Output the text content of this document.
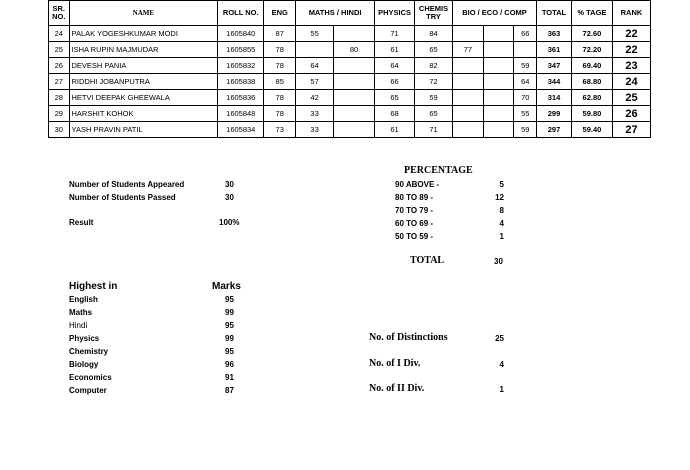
SR. NO.	NAME	ROLL NO.	ENG	MATHS / HINDI		PHYSICS	CHEMIS TRY	BIO / ECO / COMP			TOTAL	% TAGE	RANK
24	PALAK YOGESHKUMAR MODI	1605840	87	55		71	84			66	363	72.60	22
25	ISHA RUPIN MAJMUDAR	1605855	78		80	61	65	77			361	72.20	22
26	DEVESH PANIA	1605832	78	64		64	82			59	347	69.40	23
27	RIDDHI JOBANPUTRA	1605838	85	57		66	72			64	344	68.80	24
28	HETVI DEEPAK GHEEWALA	1605836	78	42		65	59			70	314	62.80	25
29	HARSHIT KOHOK	1605848	78	33		68	65			55	299	59.80	26
30	YASH PRAVIN PATIL	1605834	73	33		61	71			59	297	59.40	27
Number of Students Appeared	30
Number of Students Passed	30
Result	100%
PERCENTAGE
90 ABOVE -	5
80 TO 89 -	12
70 TO 79 -	8
60 TO 69 -	4
50 TO 59 -	1
TOTAL	30
Highest in	Marks
English	95
Maths	99
Hindi	95
Physics	99
Chemistry	95
Biology	96
Economics	91
Computer	87
No. of Distinctions	25
No. of I Div.	4
No. of II Div.	1
